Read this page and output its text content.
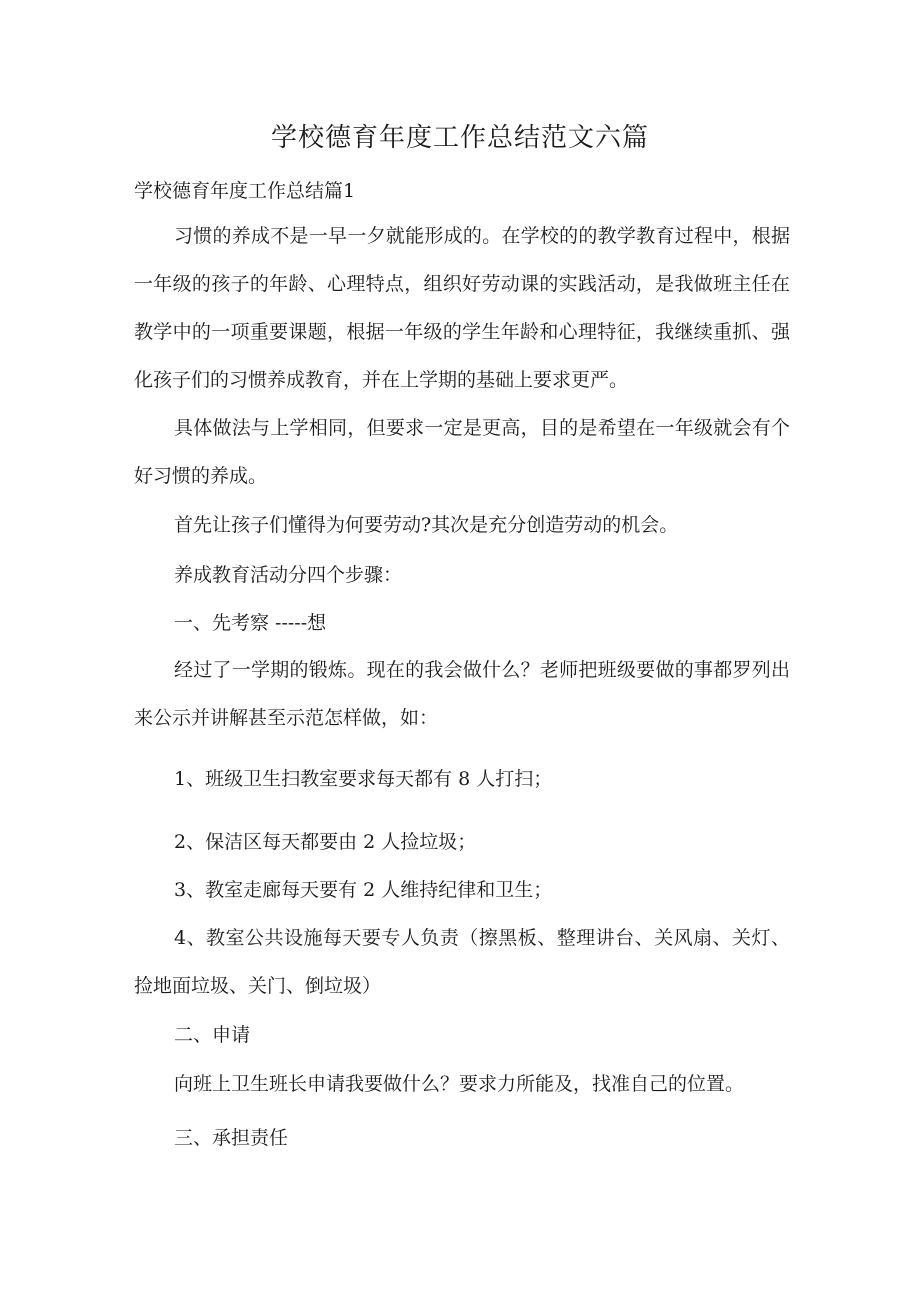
学校德育年度工作总结范文六篇
学校德育年度工作总结篇1

习惯的养成不是一早一夕就能形成的。在学校的的教学教育过程中，根据一年级的孩子的年龄、心理特点，组织好劳动课的实践活动，是我做班主任在教学中的一项重要课题，根据一年级的学生年龄和心理特征，我继续重抓、强化孩子们的习惯养成教育，并在上学期的基础上要求更严。

具体做法与上学相同，但要求一定是更高，目的是希望在一年级就会有个好习惯的养成。

首先让孩子们懂得为何要劳动?其次是充分创造劳动的机会。
养成教育活动分四个步骤：
一、先考察 -----想

经过了一学期的锻炼。现在的我会做什么？老师把班级要做的事都罗列出来公示并讲解甚至示范怎样做，如：

1、班级卫生扫教室要求每天都有 8 人打扫；
2、保洁区每天都要由 2 人捡垃圾；
3、教室走廊每天要有 2 人维持纪律和卫生；

4、教室公共设施每天要专人负责（擦黑板、整理讲台、关风扇、关灯、捡地面垃圾、关门、倒垃圾）

二、申请
向班上卫生班长申请我要做什么？要求力所能及，找准自己的位置。
三、承担责任
